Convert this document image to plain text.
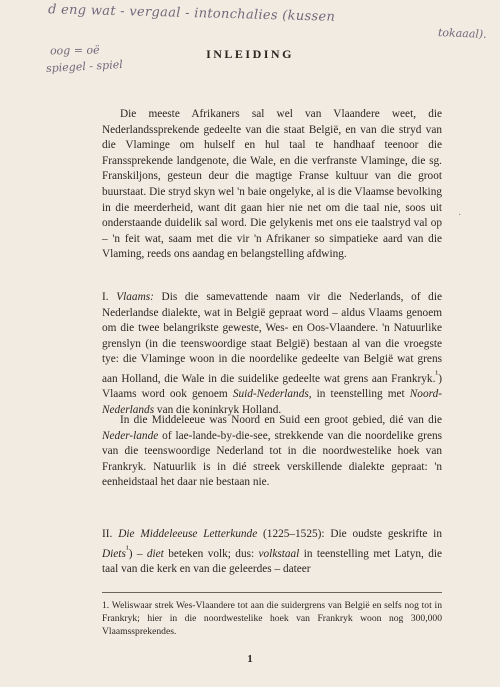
d eng wat - vergaal - intonchalies (kussen
tokaaal).
oog = oë
spiegel - spiel
INLEIDING

Die meeste Afrikaners sal wel van Vlaandere weet, die Nederlandssprekende gedeelte van die staat België, en van die stryd van die Vlaminge om hulself en hul taal te handhaaf teenoor die Franssprekende landgenote, die Wale, en die verfranste Vlaminge, die sg. Franskiljons, gesteun deur die magtige Franse kultuur van die groot buurstaat. Die stryd skyn wel 'n baie ongelyke, al is die Vlaamse bevolking in die meerderheid, want dit gaan hier nie net om die taal nie, soos uit onderstaande duidelik sal word. Die gelykenis met ons eie taalstryd val op – 'n feit wat, saam met die vir 'n Afrikaner so simpatieke aard van die Vlaming, reeds ons aandag en belangstelling afdwing.

I. Vlaams: Dis die samevattende naam vir die Nederlands, of die Nederlandse dialekte, wat in België gepraat word – aldus Vlaams genoem om die twee belangrikste geweste, Wes- en Oos-Vlaandere. 'n Natuurlike grenslyn (in die teenswoordige staat België) bestaan al van die vroegste tye: die Vlaminge woon in die noordelike gedeelte van België wat grens aan Holland, die Wale in die suidelike gedeelte wat grens aan Frankryk.$^{^1}$) Vlaams word ook genoem Suid-Nederlands, in teenstelling met Noord-Nederlands van die koninkryk Holland.

In die Middeleeue was Noord en Suid een groot gebied, dié van die Neder-lande of lae-lande-by-die-see, strekkende van die noordelike grens van die teenswoordige Nederland tot in die noordwestelike hoek van Frankryk. Natuurlik is in dié streek verskillende dialekte gepraat: 'n eenheidstaal het daar nie bestaan nie.

II. Die Middeleeuse Letterkunde (1225–1525): Die oudste geskrifte in Diets$^{^1}$) – diet beteken volk; dus: volkstaal in teenstelling met Latyn, die taal van die kerk en van die geleerdes – dateer

1. Weliswaar strek Wes-Vlaandere tot aan die suidergrens van België en selfs nog tot in Frankryk; hier in die noordwestelike hoek van Frankryk woon nog 300,000 Vlaamssprekendes.
1
·
